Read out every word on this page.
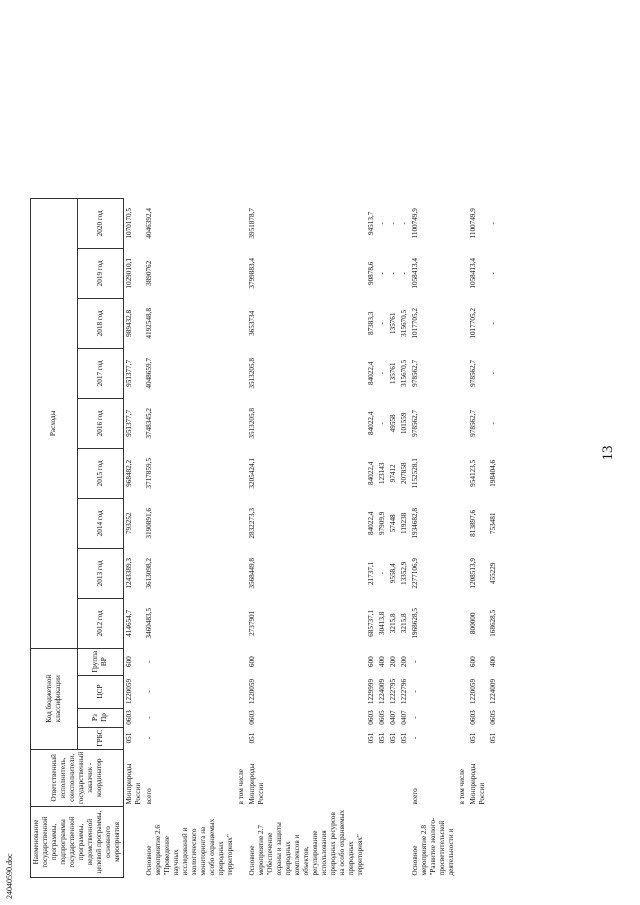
13
24040590.doc
Наименование государственной программы, подпрограммы государственной программы, ведомственной целевой программы, основного мероприятия	Ответственный исполнитель, соисполнители, государственный заказчик - координатор	Код бюджетной классификации				Расходы								
		ГРБС	Рз Пр	ЦСР	Группа ВР	2012 год	2013 год	2014 год	2015 год	2016 год	2017 год	2018 год	2019 год	2020 год
	Минприроды России	051	0603	1220059	600	414654,7	1243389,3	793252	968482,2	951377,7	951377,7	989432,8	1029010,1	1070170,5
Основное мероприятие 2.6 "Проведение научных исследований и экологического мониторинга на особо охраняемых природных территориях"	всего	-	-	-	-	3460483,5	3613098,2	3190891,6	3717859,5	3748345,2	4048659,7	4192548,8	3890762	4046392,4
	в том числе													
Основное мероприятие 2.7 "Обеспечение охраны и защиты природных комплексов и объектов, регулирование использования природных ресурсов на особо охраняемых природных территориях"	Минприроды России	051	0603	1220059	600	2737901	3568449,8	2832273,3	3205424,1	3513205,8	3513205,8	3653734	3799883,4	3951878,7
		051	0603	1229999	600	685737,1	21737,1	84022,4	84022,4	84022,4	84022,4	87383,3	90878,6	94513,7
		051	0605	1224009	400	30413,8	-	97909,9	123143	-	-	-	-	-
		051	0407	1222795	200	3215,8	9558,4	57448	97412	49558	135761	135761	-	-
		051	0407	1222796	200	3215,8	13352,9	119238	207858	101559	315670,5	315670,5	-	-
Основное мероприятие 2.8 "Развитие эколого-просветительской деятельности и	всего	-	-	-	-	1968628,5	2277106,9	1934682,8	1152528,1	978562,7	978562,7	1017705,2	1058413,4	1100749,9
	в том числе													
	Минприроды России	051	0603	1220059	600	800000	1208513,9	813897,6	954123,5	978562,7	978562,7	1017705,2	1058413,4	1100749,9
		051	0605	1224009	400	168628,5	455229	753481	198404,6	-	-	-	-	-
